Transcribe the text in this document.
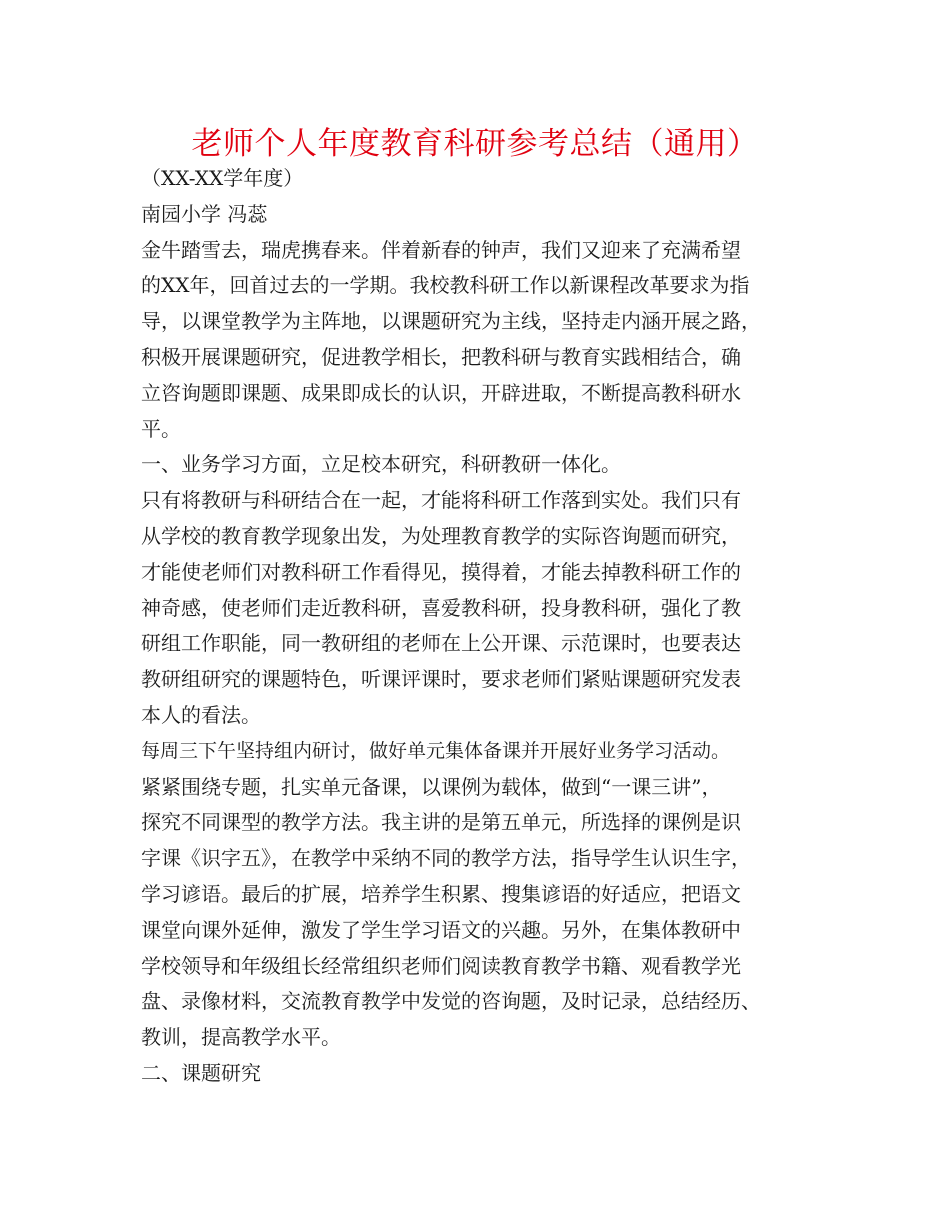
老师个人年度教育科研参考总结（通用）
（XX-XX学年度）
南园小学 冯蕊
金牛踏雪去，瑞虎携春来。伴着新春的钟声，我们又迎来了充满希望
的XX年，回首过去的一学期。我校教科研工作以新课程改革要求为指
导，以课堂教学为主阵地，以课题研究为主线，坚持走内涵开展之路，
积极开展课题研究，促进教学相长，把教科研与教育实践相结合，确
立咨询题即课题、成果即成长的认识，开辟进取，不断提高教科研水
平。
一、业务学习方面，立足校本研究，科研教研一体化。
只有将教研与科研结合在一起，才能将科研工作落到实处。我们只有
从学校的教育教学现象出发，为处理教育教学的实际咨询题而研究，
才能使老师们对教科研工作看得见，摸得着，才能去掉教科研工作的
神奇感，使老师们走近教科研，喜爱教科研，投身教科研，强化了教
研组工作职能，同一教研组的老师在上公开课、示范课时，也要表达
教研组研究的课题特色，听课评课时，要求老师们紧贴课题研究发表
本人的看法。
每周三下午坚持组内研讨，做好单元集体备课并开展好业务学习活动。
紧紧围绕专题，扎实单元备课，以课例为载体，做到“一课三讲”，
探究不同课型的教学方法。我主讲的是第五单元，所选择的课例是识
字课《识字五》，在教学中采纳不同的教学方法，指导学生认识生字，
学习谚语。最后的扩展，培养学生积累、搜集谚语的好适应，把语文
课堂向课外延伸，激发了学生学习语文的兴趣。另外，在集体教研中
学校领导和年级组长经常组织老师们阅读教育教学书籍、观看教学光
盘、录像材料，交流教育教学中发觉的咨询题，及时记录，总结经历、
教训，提高教学水平。
二、课题研究
